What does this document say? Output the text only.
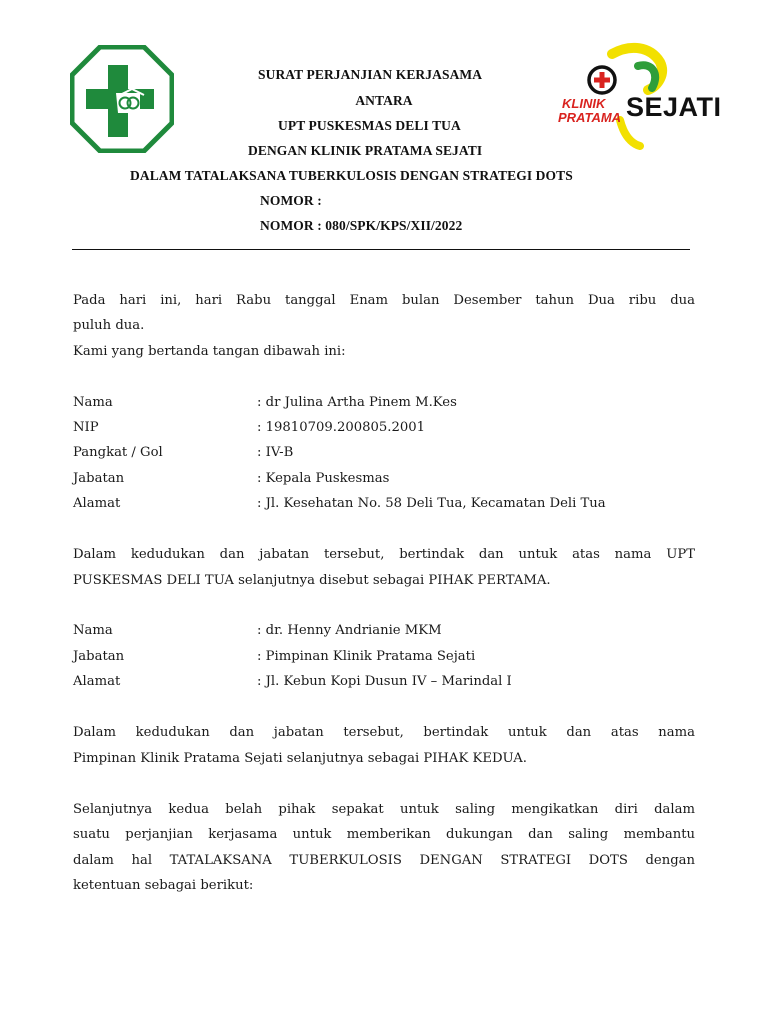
KLINIK
PRATAMA SEJATI
SURAT PERJANJIAN KERJASAMA
ANTARA
UPT PUSKESMAS DELI TUA
DENGAN KLINIK PRATAMA SEJATI
DALAM TATALAKSANA TUBERKULOSIS DENGAN STRATEGI DOTS
NOMOR :
NOMOR : 080/SPK/KPS/XII/2022
Pada hari ini, hari Rabu tanggal Enam bulan Desember tahun Dua ribu dua
puluh dua.
Kami yang bertanda tangan dibawah ini:
Nama	: dr Julina Artha Pinem M.Kes
NIP	: 19810709.200805.2001
Pangkat / Gol	: IV-B
Jabatan	: Kepala Puskesmas
Alamat	: Jl. Kesehatan No. 58 Deli Tua, Kecamatan Deli Tua
Dalam kedudukan dan jabatan tersebut, bertindak dan untuk atas nama UPT
PUSKESMAS DELI TUA selanjutnya disebut sebagai PIHAK PERTAMA.
Nama	: dr. Henny Andrianie MKM
Jabatan	: Pimpinan Klinik Pratama Sejati
Alamat	: Jl. Kebun Kopi Dusun IV – Marindal I
Dalam kedudukan dan jabatan tersebut, bertindak untuk dan atas nama
Pimpinan Klinik Pratama Sejati selanjutnya sebagai PIHAK KEDUA.
Selanjutnya kedua belah pihak sepakat untuk saling mengikatkan diri dalam
suatu perjanjian kerjasama untuk memberikan dukungan dan saling membantu
dalam hal TATALAKSANA TUBERKULOSIS DENGAN STRATEGI DOTS dengan
ketentuan sebagai berikut:
